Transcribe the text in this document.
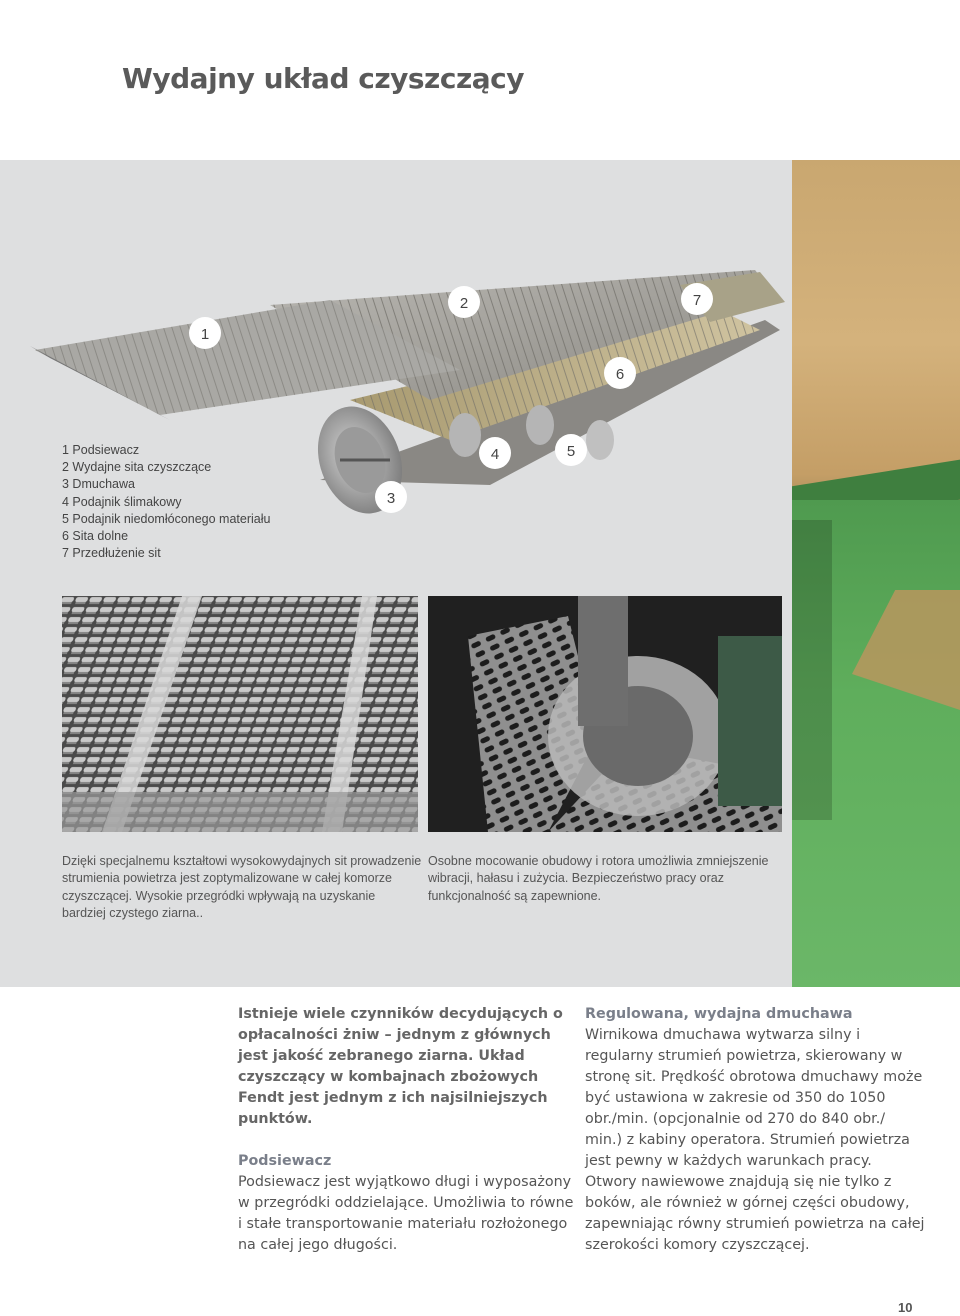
Wydajny układ czyszczący
1
2
3
4	5
6
7
1 Podsiewacz
2 Wydajne sita czyszczące
3 Dmuchawa
4 Podajnik ślimakowy
5 Podajnik niedomłóconego materiału
6 Sita dolne
7 Przedłużenie sit

Dzięki specjalnemu kształtowi wysokowydajnych sit prowadzenie strumienia powietrza jest zoptymalizowane w całej komorze czyszczącej. Wysokie przegródki wpływają na uzyskanie bardziej czystego ziarna..

Osobne mocowanie obudowy i rotora umożliwia zmniejszenie wibracji, hałasu i zużycia. Bezpieczeństwo pracy oraz funkcjonalność są zapewnione.

Istnieje wiele czynników decydujących o opłacalności żniw – jednym z głównych jest jakość zebranego ziarna. Układ czyszczący w kombajnach zbożowych Fendt jest jednym z ich najsilniejszych punktów.

Podsiewacz

Podsiewacz jest wyjątkowo długi i wyposażony w przegródki oddzielające. Umożliwia to równe i stałe transportowanie materiału rozłożonego na całej jego długości.

Regulowana, wydajna dmuchawa

Wirnikowa dmuchawa wytwarza silny i regularny strumień powietrza, skierowany w stronę sit. Prędkość obrotowa dmuchawy może być ustawiona w zakresie od 350 do 1050 obr./min. (opcjonalnie od 270 do 840 obr./ min.) z kabiny operatora. Strumień powietrza jest pewny w każdych warunkach pracy. Otwory nawiewowe znajdują się nie tylko z boków, ale również w górnej części obudowy, zapewniając równy strumień powietrza na całej szerokości komory czyszczącej.

10
